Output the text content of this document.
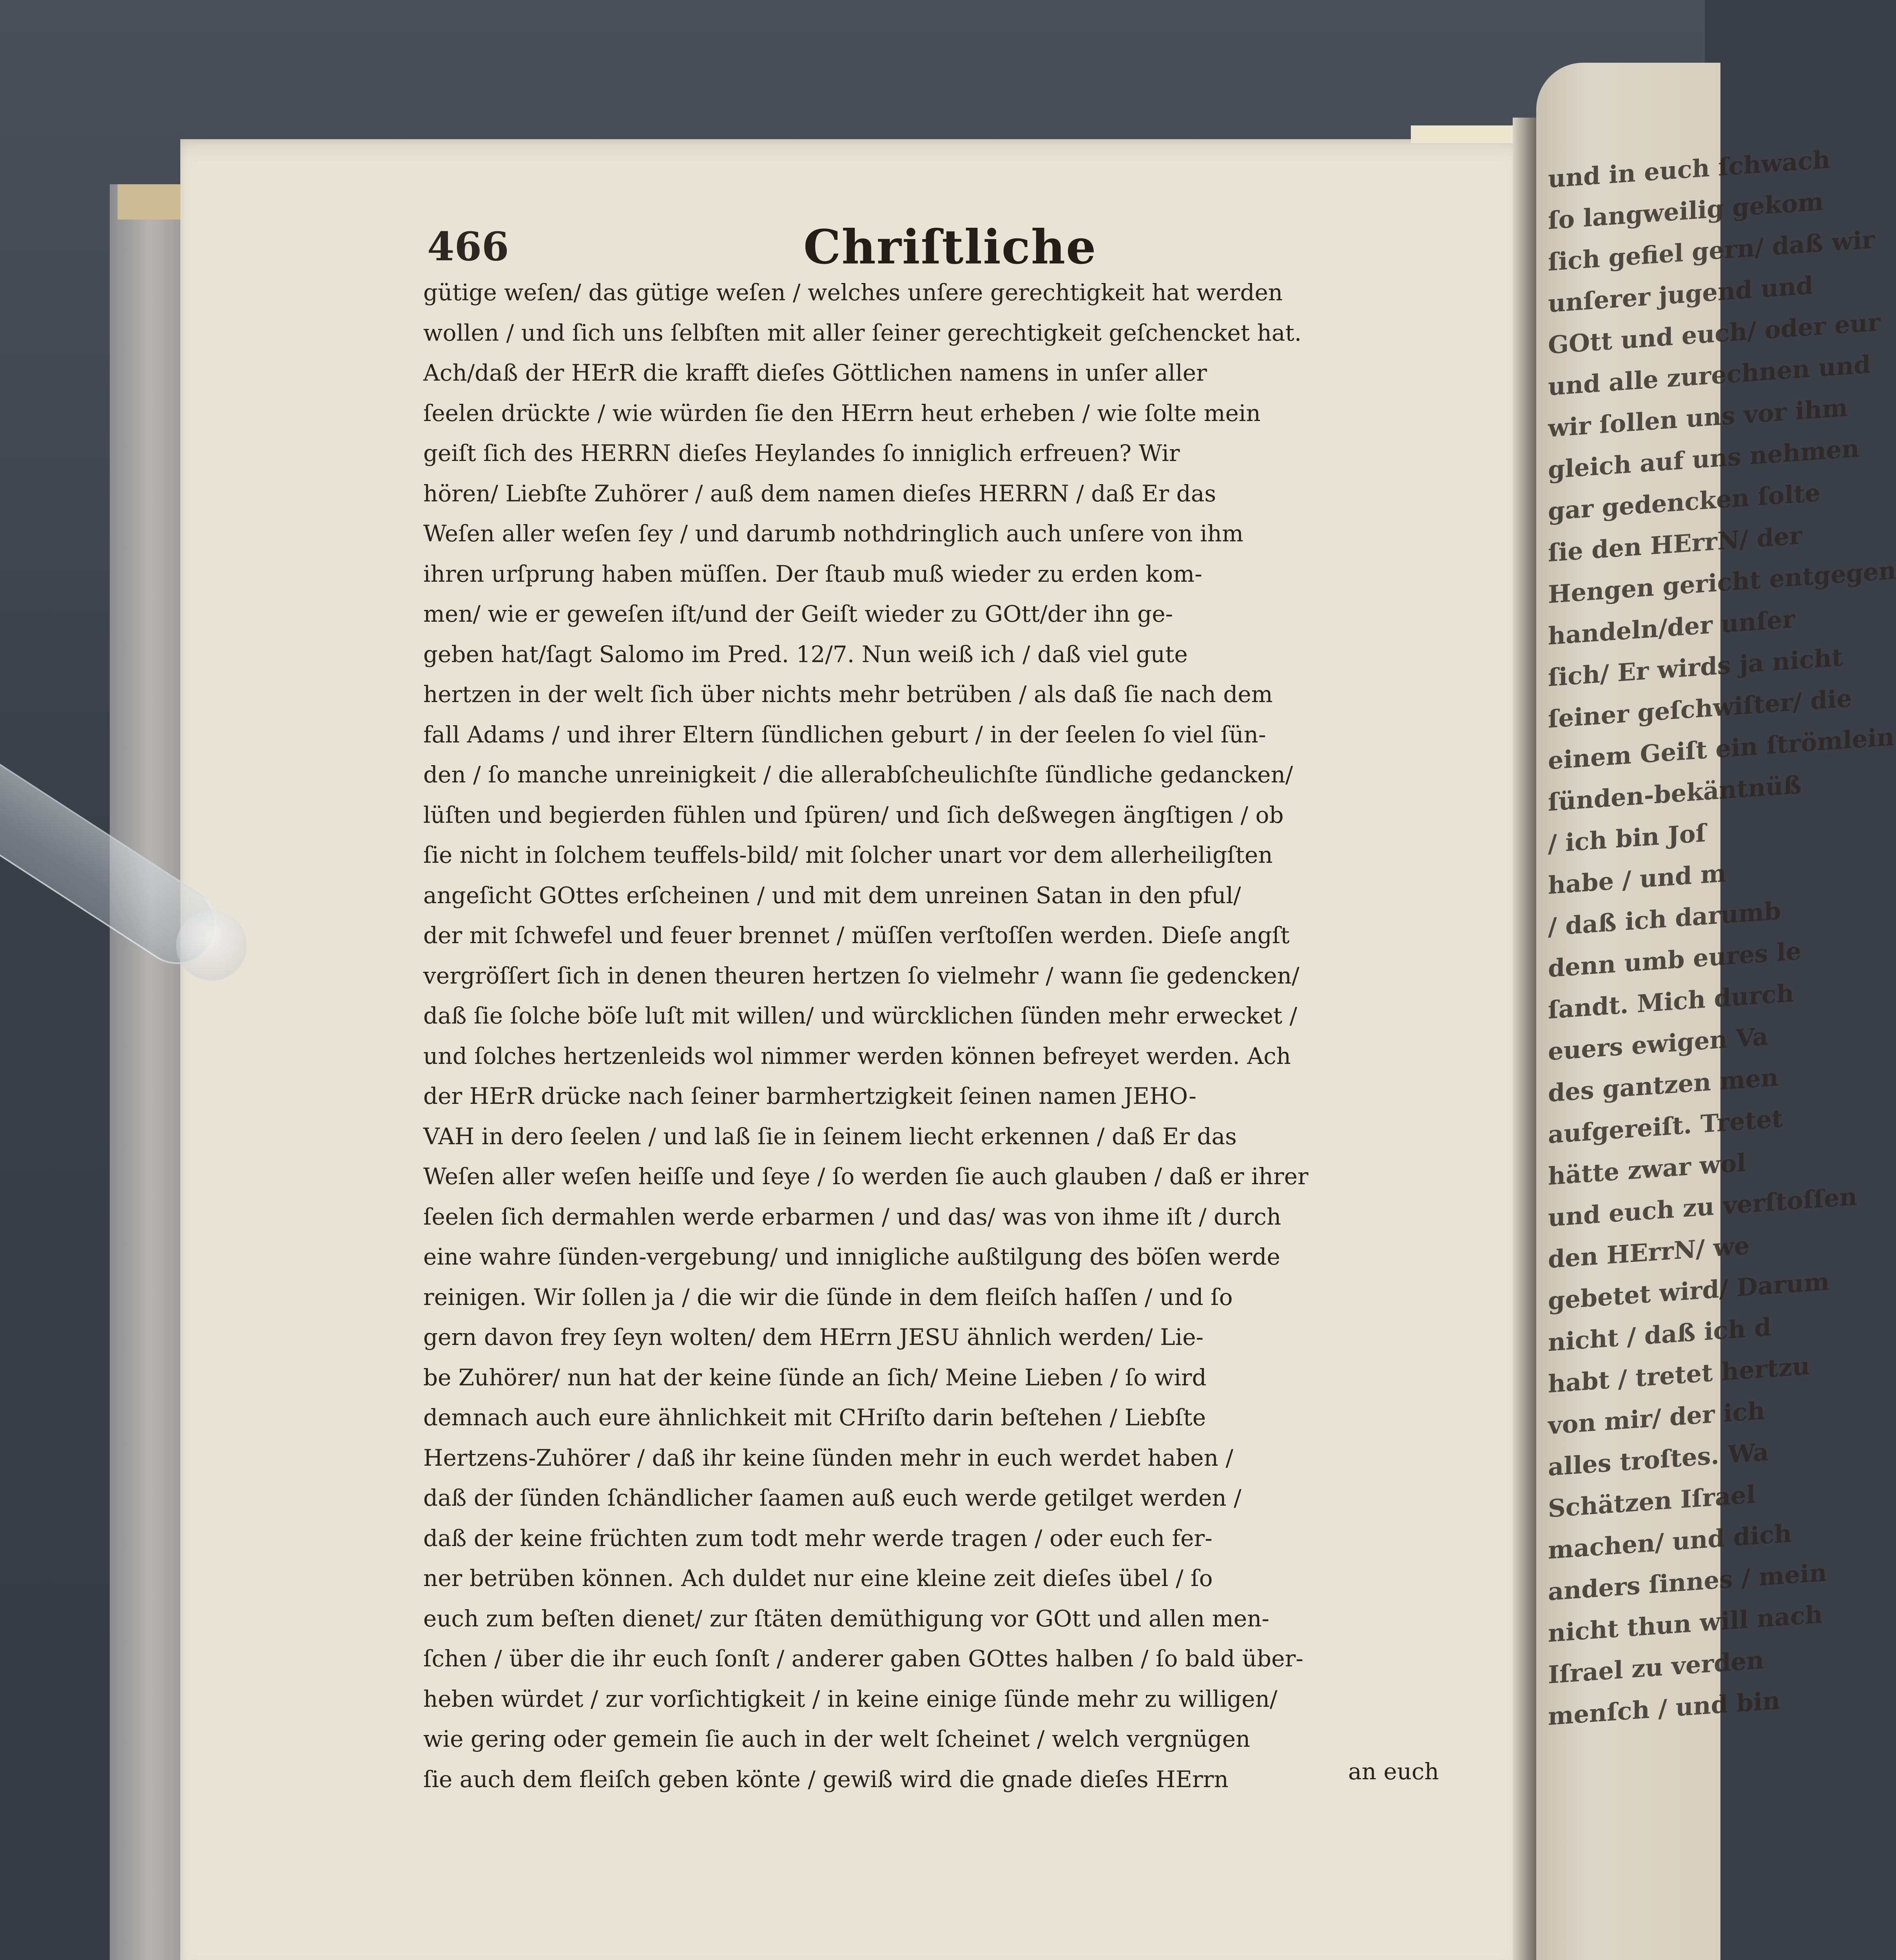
und in euch ſchwach
ſo langweilig gekom
ſich gefiel gern/ daß wir
unſerer jugend und
GOtt und euch/ oder eur
und alle zurechnen und
wir ſollen uns vor ihm
gleich auf uns nehmen
gar gedencken ſolte
ſie den HErrN/ der
Hengen gericht entgegen
handeln/der unſer
ſich/ Er wirds ja nicht
ſeiner geſchwiſter/ die
einem Geiſt ein ſtrömlein
ſünden-bekäntnüß
/ ich bin Joſ
habe / und m
/ daß ich darumb
denn umb eures le
ſandt. Mich durch
euers ewigen Va
des gantzen men
aufgereiſt. Tretet
hätte zwar wol
und euch zu verſtoſſen
den HErrN/ we
gebetet wird/ Darum
nicht / daß ich d
habt / tretet hertzu
von mir/ der ich
alles troſtes. Wa
Schätzen Iſrael
machen/ und dich
anders ſinnes / mein
nicht thun will nach
Iſrael zu verden
menſch / und bin
466	Chriſtliche
gütige weſen/ das gütige weſen / welches unſere gerechtigkeit hat werden
wollen / und ſich uns ſelbſten mit aller ſeiner gerechtigkeit geſchencket hat.
Ach/daß der HErR die krafft dieſes Göttlichen namens in unſer aller
ſeelen drückte / wie würden ſie den HErrn heut erheben / wie ſolte mein
geiſt ſich des HERRN dieſes Heylandes ſo inniglich erfreuen? Wir
hören/ Liebſte Zuhörer / auß dem namen dieſes HERRN / daß Er das
Weſen aller weſen ſey / und darumb nothdringlich auch unſere von ihm
ihren urſprung haben müſſen. Der ſtaub muß wieder zu erden kom-
men/ wie er geweſen iſt/und der Geiſt wieder zu GOtt/der ihn ge-
geben hat/ſagt Salomo im Pred. 12/7. Nun weiß ich / daß viel gute
hertzen in der welt ſich über nichts mehr betrüben / als daß ſie nach dem
fall Adams / und ihrer Eltern ſündlichen geburt / in der ſeelen ſo viel ſün-
den / ſo manche unreinigkeit / die allerabſcheulichſte ſündliche gedancken/
lüſten und begierden fühlen und ſpüren/ und ſich deßwegen ängſtigen / ob
ſie nicht in ſolchem teuffels-bild/ mit ſolcher unart vor dem allerheiligſten
angeſicht GOttes erſcheinen / und mit dem unreinen Satan in den pful/
der mit ſchwefel und feuer brennet / müſſen verſtoſſen werden. Dieſe angſt
vergröſſert ſich in denen theuren hertzen ſo vielmehr / wann ſie gedencken/
daß ſie ſolche böſe luſt mit willen/ und würcklichen ſünden mehr erwecket /
und ſolches hertzenleids wol nimmer werden können befreyet werden. Ach
der HErR drücke nach ſeiner barmhertzigkeit ſeinen namen JEHO-
VAH in dero ſeelen / und laß ſie in ſeinem liecht erkennen / daß Er das
Weſen aller weſen heiſſe und ſeye / ſo werden ſie auch glauben / daß er ihrer
ſeelen ſich dermahlen werde erbarmen / und das/ was von ihme iſt / durch
eine wahre ſünden-vergebung/ und innigliche außtilgung des böſen werde
reinigen. Wir ſollen ja / die wir die ſünde in dem fleiſch haſſen / und ſo
gern davon frey ſeyn wolten/ dem HErrn JESU ähnlich werden/ Lie-
be Zuhörer/ nun hat der keine ſünde an ſich/ Meine Lieben / ſo wird
demnach auch eure ähnlichkeit mit CHriſto darin beſtehen / Liebſte
Hertzens-Zuhörer / daß ihr keine ſünden mehr in euch werdet haben /
daß der ſünden ſchändlicher ſaamen auß euch werde getilget werden /
daß der keine früchten zum todt mehr werde tragen / oder euch fer-
ner betrüben können. Ach duldet nur eine kleine zeit dieſes übel / ſo
euch zum beſten dienet/ zur ſtäten demüthigung vor GOtt und allen men-
ſchen / über die ihr euch ſonſt / anderer gaben GOttes halben / ſo bald über-
heben würdet / zur vorſichtigkeit / in keine einige ſünde mehr zu willigen/
wie gering oder gemein ſie auch in der welt ſcheinet / welch vergnügen
ſie auch dem fleiſch geben könte / gewiß wird die gnade dieſes HErrn	an euch
